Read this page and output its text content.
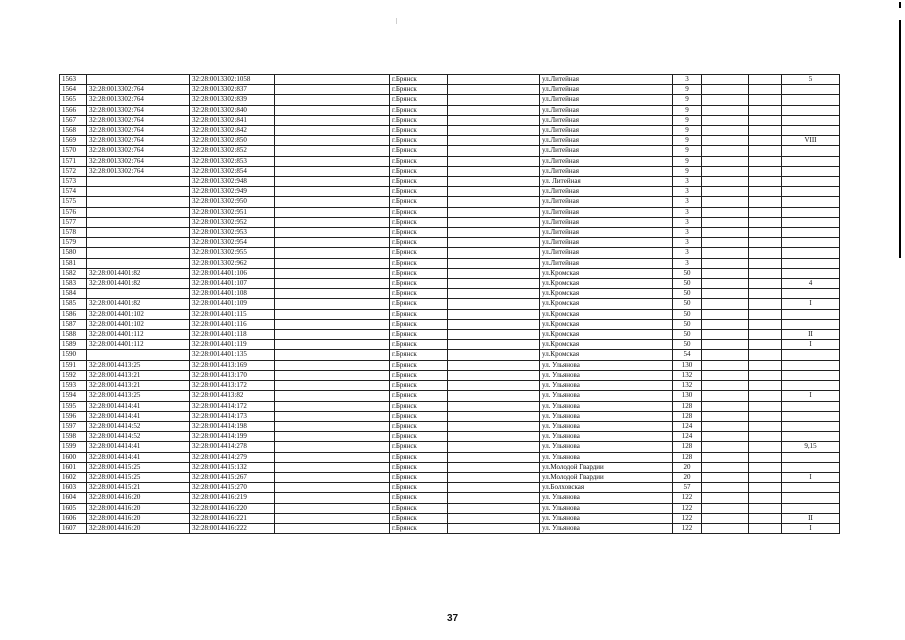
1563		32:28:0013302:1058		г.Брянск		ул.Литейная	3			5
1564	32:28:0013302:764	32:28:0013302:837		г.Брянск		ул.Литейная	9			
1565	32:28:0013302:764	32:28:0013302:839		г.Брянск		ул.Литейная	9			
1566	32:28:0013302:764	32:28:0013302:840		г.Брянск		ул.Литейная	9			
1567	32:28:0013302:764	32:28:0013302:841		г.Брянск		ул.Литейная	9			
1568	32:28:0013302:764	32:28:0013302:842		г.Брянск		ул.Литейная	9			
1569	32:28:0013302:764	32:28:0013302:850		г.Брянск		ул.Литейная	9			VIII
1570	32:28:0013302:764	32:28:0013302:852		г.Брянск		ул.Литейная	9			
1571	32:28:0013302:764	32:28:0013302:853		г.Брянск		ул.Литейная	9			
1572	32:28:0013302:764	32:28:0013302:854		г.Брянск		ул.Литейная	9			
1573		32:28:0013302:948		г.Брянск		ул. Литейная	3			
1574		32:28:0013302:949		г.Брянск		ул.Литейная	3			
1575		32:28:0013302:950		г.Брянск		ул.Литейная	3			
1576		32:28:0013302:951		г.Брянск		ул.Литейная	3			
1577		32:28:0013302:952		г.Брянск		ул.Литейная	3			
1578		32:28:0013302:953		г.Брянск		ул.Литейная	3			
1579		32:28:0013302:954		г.Брянск		ул.Литейная	3			
1580		32:28:0013302:955		г.Брянск		ул.Литейная	3			
1581		32:28:0013302:962		г.Брянск		ул.Литейная	3			
1582	32:28:0014401:82	32:28:0014401:106		г.Брянск		ул.Кромская	50			
1583	32:28:0014401:82	32:28:0014401:107		г.Брянск		ул.Кромская	50			4
1584		32:28:0014401:108		г.Брянск		ул.Кромская	50			
1585	32:28:0014401:82	32:28:0014401:109		г.Брянск		ул.Кромская	50			I
1586	32:28:0014401:102	32:28:0014401:115		г.Брянск		ул.Кромская	50			
1587	32:28:0014401:102	32:28:0014401:116		г.Брянск		ул.Кромская	50			
1588	32:28:0014401:112	32:28:0014401:118		г.Брянск		ул.Кромская	50			II
1589	32:28:0014401:112	32:28:0014401:119		г.Брянск		ул.Кромская	50			I
1590		32:28:0014401:135		г.Брянск		ул.Кромская	54			
1591	32:28:0014413:25	32:28:0014413:169		г.Брянск		ул. Ульянова	130			
1592	32:28:0014413:21	32:28:0014413:170		г.Брянск		ул. Ульянова	132			
1593	32:28:0014413:21	32:28:0014413:172		г.Брянск		ул. Ульянова	132			
1594	32:28:0014413:25	32:28:0014413:82		г.Брянск		ул. Ульянова	130			I
1595	32:28:0014414:41	32:28:0014414:172		г.Брянск		ул. Ульянова	128			
1596	32:28:0014414:41	32:28:0014414:173		г.Брянск		ул. Ульянова	128			
1597	32:28:0014414:52	32:28:0014414:198		г.Брянск		ул. Ульянова	124			
1598	32:28:0014414:52	32:28:0014414:199		г.Брянск		ул. Ульянова	124			
1599	32:28:0014414:41	32:28:0014414:278		г.Брянск		ул. Ульянова	128			9,15
1600	32:28:0014414:41	32:28:0014414:279		г.Брянск		ул. Ульянова	128			
1601	32:28:0014415:25	32:28:0014415:132		г.Брянск		ул.Молодой Гвардии	20			
1602	32:28:0014415:25	32:28:0014415:267		г.Брянск		ул.Молодой Гвардии	20			I
1603	32:28:0014415:21	32:28:0014415:270		г.Брянск		ул.Болховская	57			
1604	32:28:0014416:20	32:28:0014416:219		г.Брянск		ул. Ульянова	122			
1605	32:28:0014416:20	32:28:0014416:220		г.Брянск		ул. Ульянова	122			
1606	32:28:0014416:20	32:28:0014416:221		г.Брянск		ул. Ульянова	122			II
1607	32:28:0014416:20	32:28:0014416:222		г.Брянск		ул. Ульянова	122			I
37
